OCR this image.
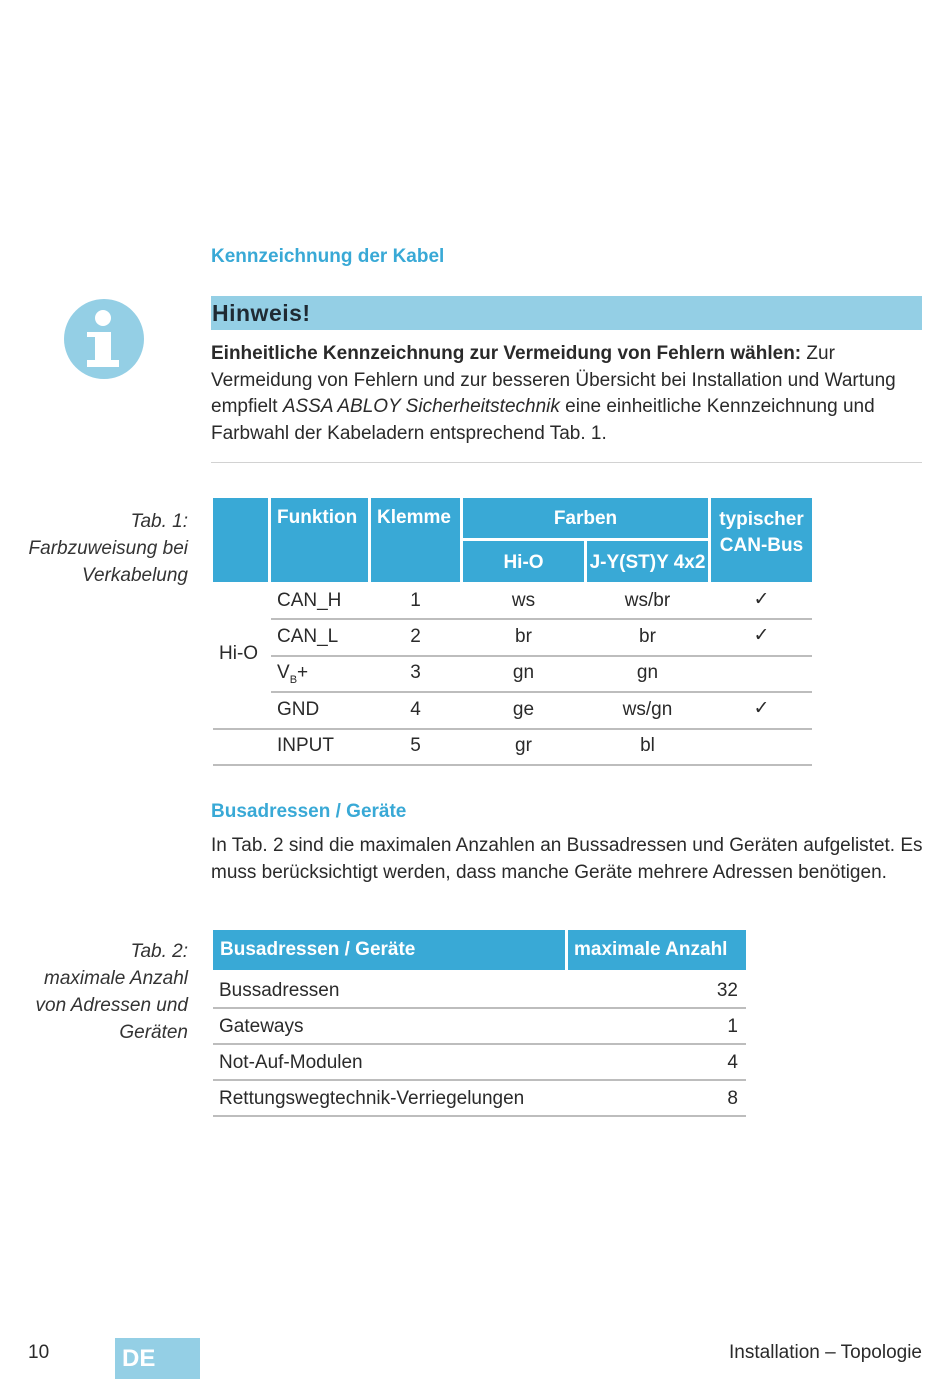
Kennzeichnung der Kabel
Hinweis!
Einheitliche Kennzeichnung zur Vermeidung von Fehlern wählen: Zur Vermeidung von Fehlern und zur besseren Übersicht bei Installation und Wartung empfielt ASSA ABLOY Sicherheitstechnik eine einheitliche Kennzeichnung und Farbwahl der Kabeladern entsprechend Tab. 1.
Tab. 1:
Farbzuweisung bei
Verkabelung
Funktion	Klemme	Farben
Hi-O	J-Y(ST)Y 4x2
typischer
CAN-Bus
Hi-O
CAN_H	1	ws	ws/br	✓
CAN_L	2	br	br	✓
$V_B+$	3	gn	gn
GND	4	ge	ws/gn	✓
INPUT	5	gr	bl
Busadressen / Geräte
In Tab. 2 sind die maximalen Anzahlen an Bussadressen und Geräten aufgelistet. Es muss berücksichtigt werden, dass manche Geräte mehrere Adressen benötigen.
Tab. 2:
maximale Anzahl
von Adressen und
Geräten
Busadressen / Geräte	maximale Anzahl
Bussadressen	32
Gateways	1
Not-Auf-Modulen	4
Rettungswegtechnik-Verriegelungen	8
10	DE	Installation – Topologie
